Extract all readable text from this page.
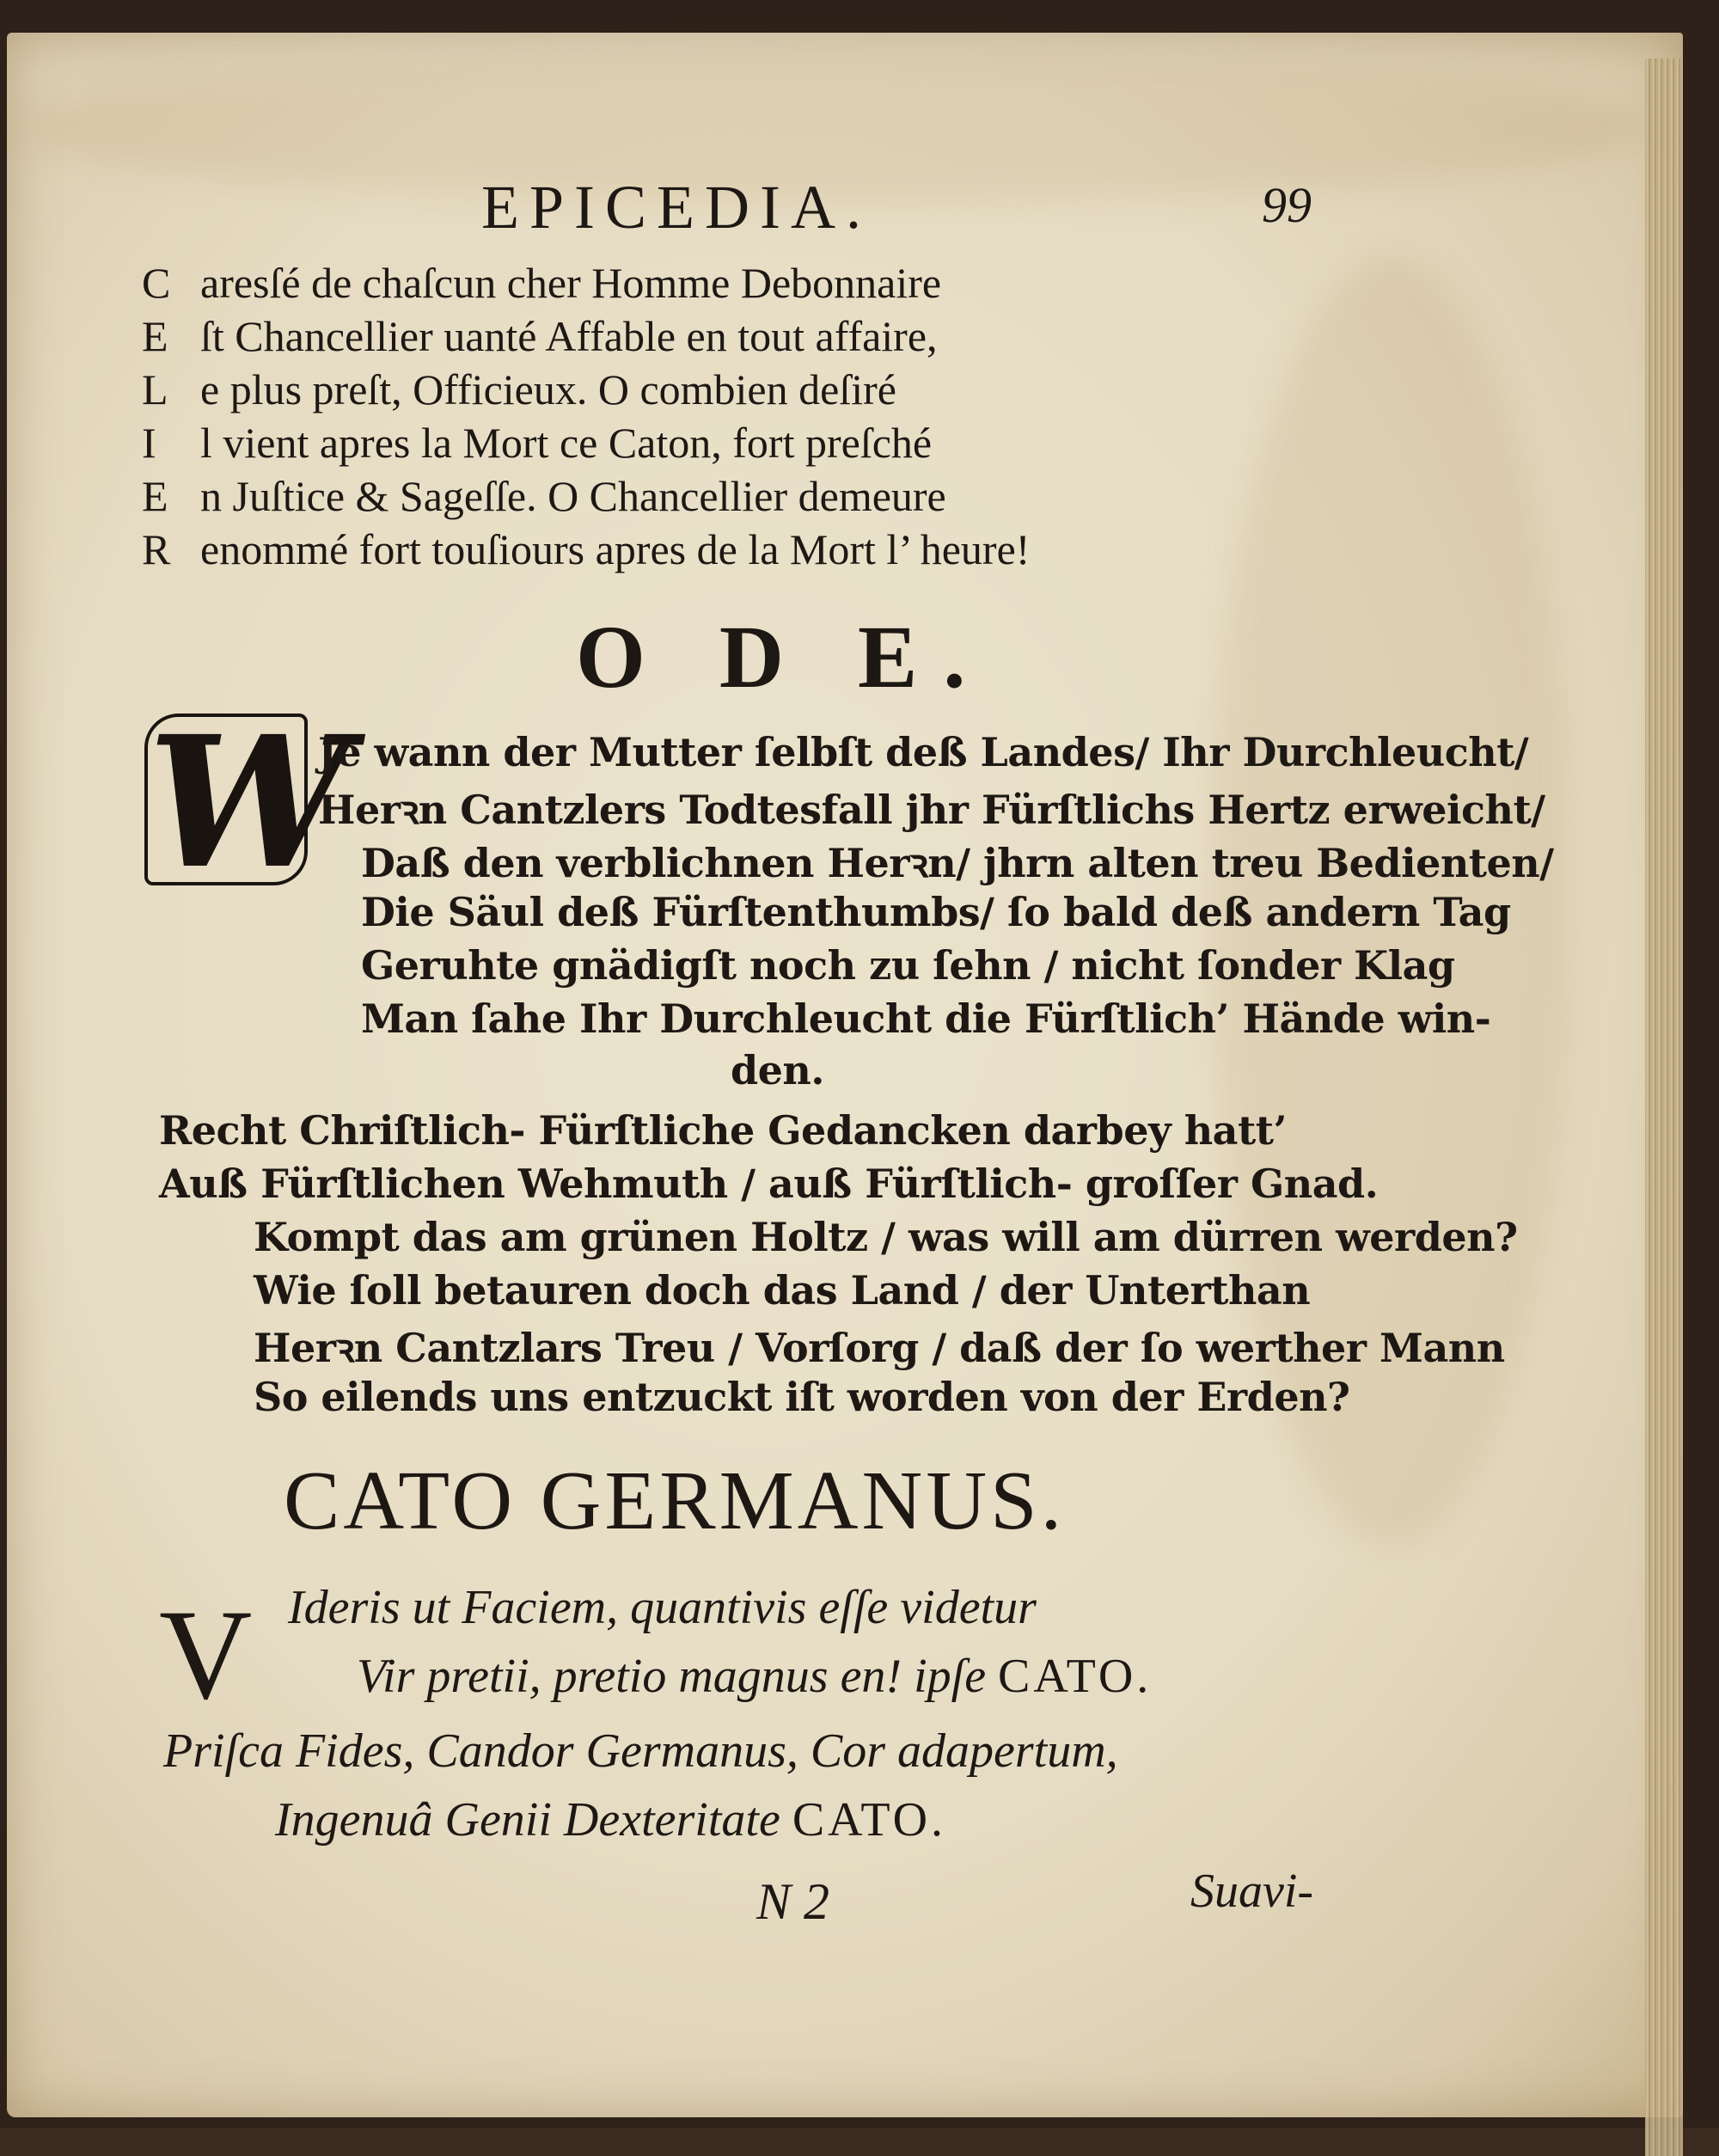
EPICEDIA.	99
C aresſé de chaſcun cher Homme Debonnaire
E ſt Chancellier uanté Affable en tout affaire,
L e plus preſt, Officieux. O combien deſiré
I l vient apres la Mort ce Caton, fort preſché
E n Juſtice & Sageſſe. O Chancellier demeure
R enommé fort touſiours apres de la Mort l’ heure!
O D E.
W
Je wann der Mutter ſelbſt deß Landes/ Ihr Durchleucht/
Herꝛn Cantzlers Todtesfall jhr Fürſtlichs Hertz erweicht/
Daß den verblichnen Herꝛn/ jhrn alten treu Bedienten/
Die Säul deß Fürſtenthumbs/ ſo bald deß andern Tag
Geruhte gnädigſt noch zu ſehn / nicht ſonder Klag
Man ſahe Ihr Durchleucht die Fürſtlich’ Hände win-
den.
Recht Chriſtlich- Fürſtliche Gedancken darbey hatt’
Auß Fürſtlichen Wehmuth / auß Fürſtlich- groſſer Gnad.
Kompt das am grünen Holtz / was will am dürren werden?
Wie ſoll betauren doch das Land / der Unterthan
Herꝛn Cantzlars Treu / Vorſorg / daß der ſo werther Mann
So eilends uns entzuckt iſt worden von der Erden?
CATO GERMANUS.
V Ideris ut Faciem, quantivis eſſe videtur
Vir pretii, pretio magnus en! ipſe CATO.
Priſca Fides, Candor Germanus, Cor adapertum,
Ingenuâ Genii Dexteritate CATO.
N 2	Suavi-
